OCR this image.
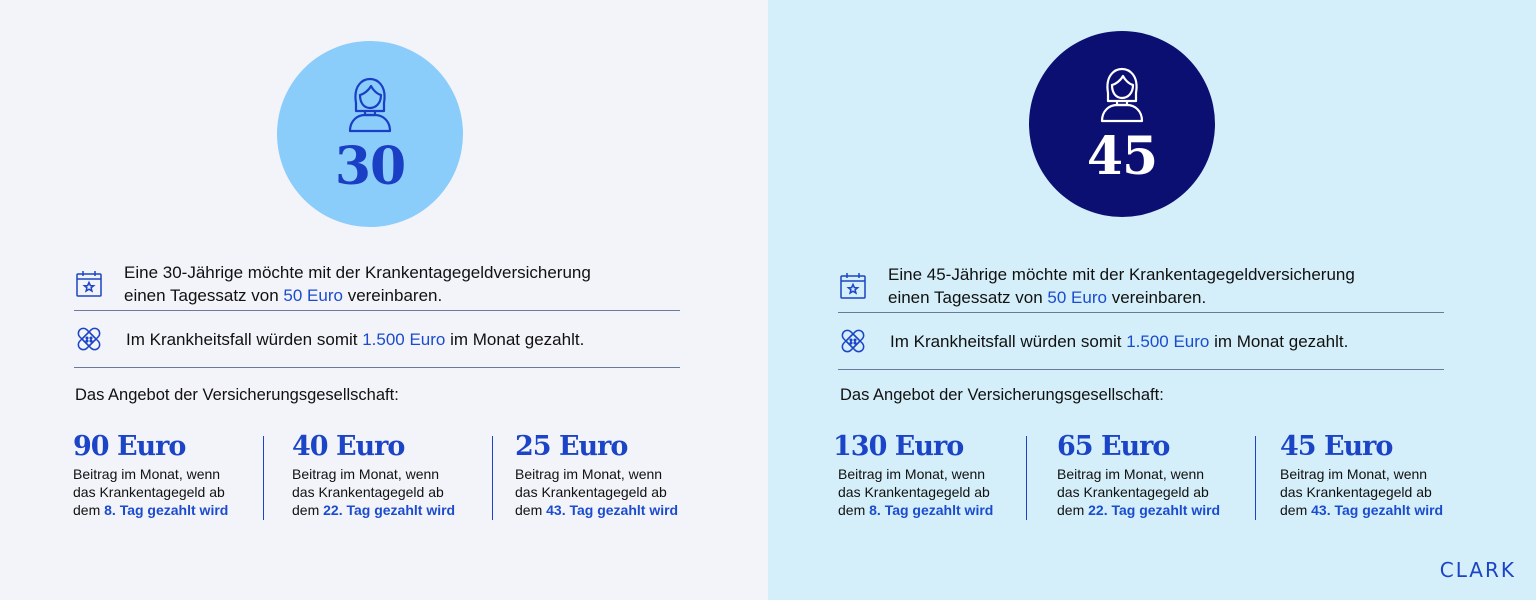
30
Eine 30-Jährige möchte mit der Krankentagegeldversicherung
einen Tagessatz von 50 Euro vereinbaren.
Im Krankheitsfall würden somit 1.500 Euro im Monat gezahlt.
Das Angebot der Versicherungsgesellschaft:
90 Euro
Beitrag im Monat, wenn
das Krankentagegeld ab
dem 8. Tag gezahlt wird
40 Euro
Beitrag im Monat, wenn
das Krankentagegeld ab
dem 22. Tag gezahlt wird
25 Euro
Beitrag im Monat, wenn
das Krankentagegeld ab
dem 43. Tag gezahlt wird
45
Eine 45-Jährige möchte mit der Krankentagegeldversicherung
einen Tagessatz von 50 Euro vereinbaren.
Im Krankheitsfall würden somit 1.500 Euro im Monat gezahlt.
Das Angebot der Versicherungsgesellschaft:
130 Euro
Beitrag im Monat, wenn
das Krankentagegeld ab
dem 8. Tag gezahlt wird
65 Euro
Beitrag im Monat, wenn
das Krankentagegeld ab
dem 22. Tag gezahlt wird
45 Euro
Beitrag im Monat, wenn
das Krankentagegeld ab
dem 43. Tag gezahlt wird
CLARK
